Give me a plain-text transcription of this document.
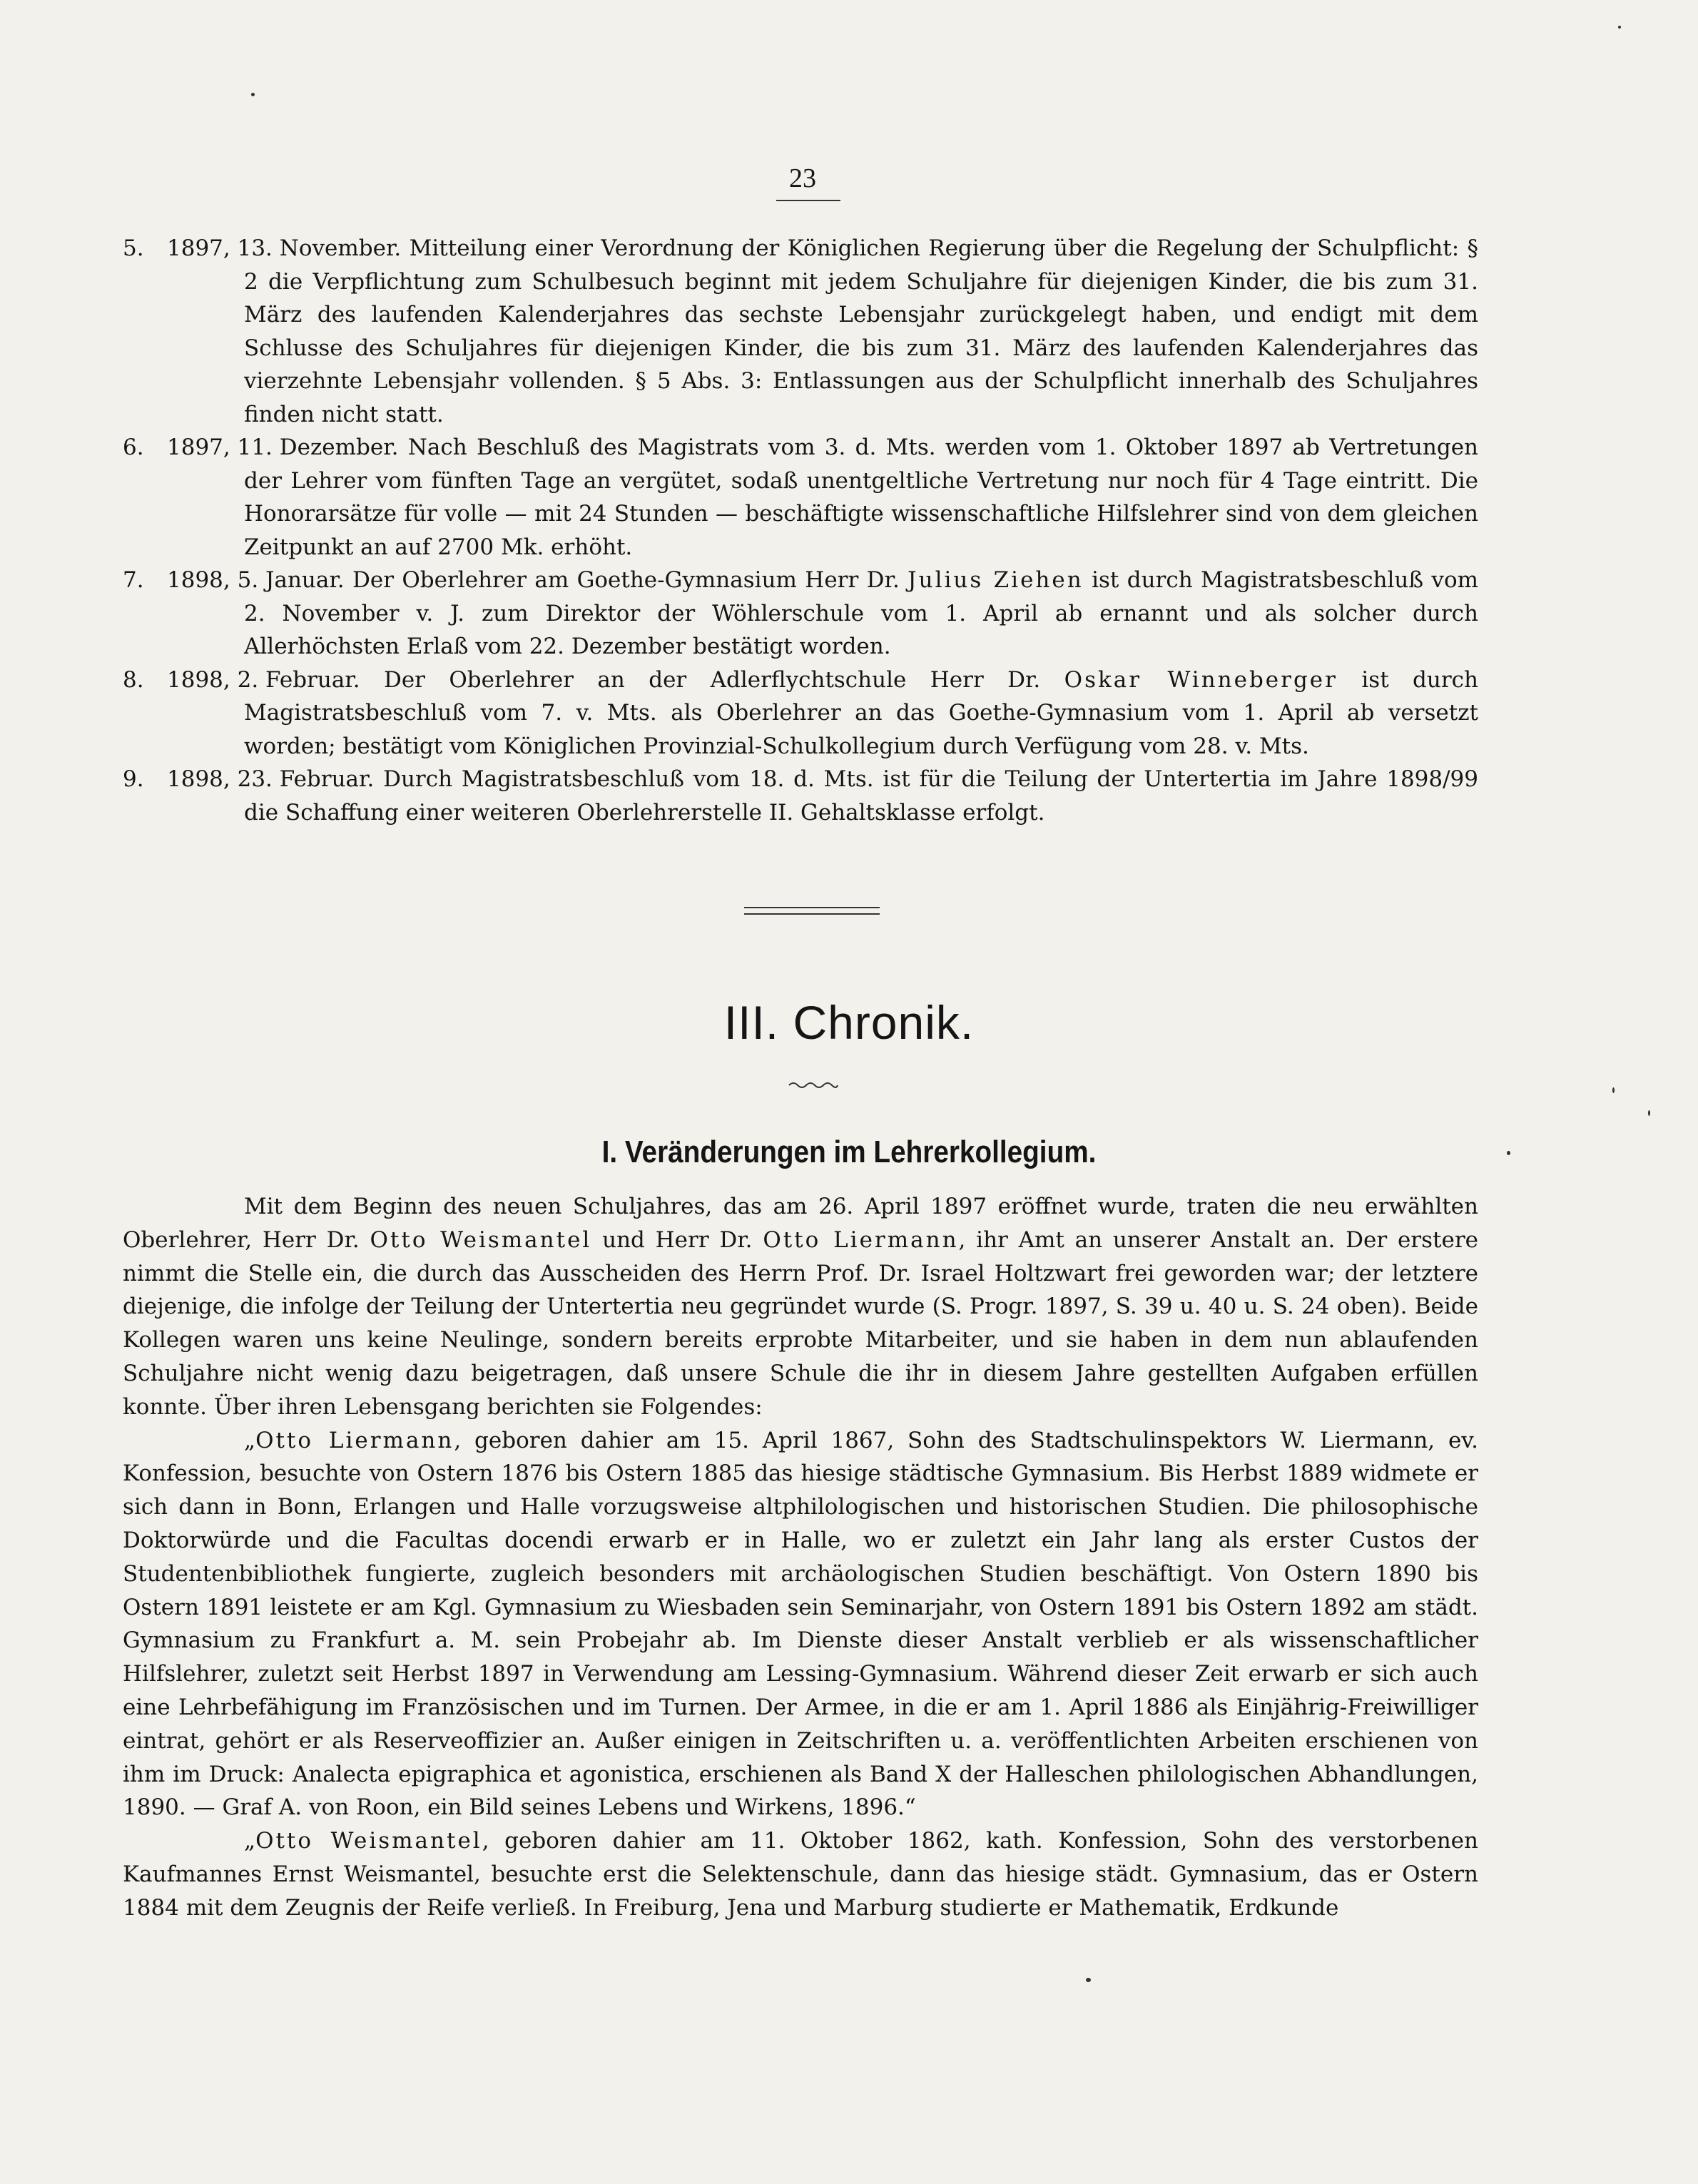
23

5.	1897, 13. November. Mitteilung einer Verordnung der Königlichen Regierung über die Regelung der Schulpflicht: § 2 die Verpflichtung zum Schulbesuch beginnt mit jedem Schuljahre für diejenigen Kinder, die bis zum 31. März des laufenden Kalenderjahres das sechste Lebensjahr zurückgelegt haben, und endigt mit dem Schlusse des Schuljahres für diejenigen Kinder, die bis zum 31. März des laufenden Kalenderjahres das vierzehnte Lebensjahr vollenden. § 5 Abs. 3: Entlassungen aus der Schulpflicht innerhalb des Schuljahres finden nicht statt.

6.	1897, 11. Dezember. Nach Beschluß des Magistrats vom 3. d. Mts. werden vom 1. Oktober 1897 ab Vertretungen der Lehrer vom fünften Tage an vergütet, sodaß unentgeltliche Vertretung nur noch für 4 Tage eintritt. Die Honorarsätze für volle — mit 24 Stunden — beschäftigte wissenschaftliche Hilfslehrer sind von dem gleichen Zeitpunkt an auf 2700 Mk. erhöht.

7.	1898, 5. Januar. Der Oberlehrer am Goethe-Gymnasium Herr Dr. Julius Ziehen ist durch Magistratsbeschluß vom 2. November v. J. zum Direktor der Wöhlerschule vom 1. April ab ernannt und als solcher durch Allerhöchsten Erlaß vom 22. Dezember bestätigt worden.

8.	1898, 2. Februar. Der Oberlehrer an der Adlerflychtschule Herr Dr. Oskar Winneberger ist durch Magistratsbeschluß vom 7. v. Mts. als Oberlehrer an das Goethe-Gymnasium vom 1. April ab versetzt worden; bestätigt vom Königlichen Provinzial-Schulkollegium durch Verfügung vom 28. v. Mts.

9.	1898, 23. Februar. Durch Magistratsbeschluß vom 18. d. Mts. ist für die Teilung der Untertertia im Jahre 1898/99 die Schaffung einer weiteren Oberlehrerstelle II. Gehaltsklasse erfolgt.

III. Chronik.
I. Veränderungen im Lehrerkollegium.

Mit dem Beginn des neuen Schuljahres, das am 26. April 1897 eröffnet wurde, traten die neu erwählten Oberlehrer, Herr Dr. Otto Weismantel und Herr Dr. Otto Liermann, ihr Amt an unserer Anstalt an. Der erstere nimmt die Stelle ein, die durch das Ausscheiden des Herrn Prof. Dr. Israel Holtzwart frei geworden war; der letztere diejenige, die infolge der Teilung der Untertertia neu gegründet wurde (S. Progr. 1897, S. 39 u. 40 u. S. 24 oben). Beide Kollegen waren uns keine Neulinge, sondern bereits erprobte Mitarbeiter, und sie haben in dem nun ablaufenden Schuljahre nicht wenig dazu beigetragen, daß unsere Schule die ihr in diesem Jahre gestellten Aufgaben erfüllen konnte. Über ihren Lebensgang berichten sie Folgendes:

„Otto Liermann, geboren dahier am 15. April 1867, Sohn des Stadtschulinspektors W. Liermann, ev. Konfession, besuchte von Ostern 1876 bis Ostern 1885 das hiesige städtische Gymnasium. Bis Herbst 1889 widmete er sich dann in Bonn, Erlangen und Halle vorzugsweise altphilologischen und historischen Studien. Die philosophische Doktorwürde und die Facultas docendi erwarb er in Halle, wo er zuletzt ein Jahr lang als erster Custos der Studentenbibliothek fungierte, zugleich besonders mit archäologischen Studien beschäftigt. Von Ostern 1890 bis Ostern 1891 leistete er am Kgl. Gymnasium zu Wiesbaden sein Seminarjahr, von Ostern 1891 bis Ostern 1892 am städt. Gymnasium zu Frankfurt a. M. sein Probejahr ab. Im Dienste dieser Anstalt verblieb er als wissenschaftlicher Hilfslehrer, zuletzt seit Herbst 1897 in Verwendung am Lessing-Gymnasium. Während dieser Zeit erwarb er sich auch eine Lehrbefähigung im Französischen und im Turnen. Der Armee, in die er am 1. April 1886 als Einjährig-Freiwilliger eintrat, gehört er als Reserveoffizier an. Außer einigen in Zeitschriften u. a. veröffentlichten Arbeiten erschienen von ihm im Druck: Analecta epigraphica et agonistica, erschienen als Band X der Halleschen philologischen Abhandlungen, 1890. — Graf A. von Roon, ein Bild seines Lebens und Wirkens, 1896.“

„Otto Weismantel, geboren dahier am 11. Oktober 1862, kath. Konfession, Sohn des verstorbenen Kaufmannes Ernst Weismantel, besuchte erst die Selektenschule, dann das hiesige städt. Gymnasium, das er Ostern 1884 mit dem Zeugnis der Reife verließ. In Freiburg, Jena und Marburg studierte er Mathematik, Erdkunde
